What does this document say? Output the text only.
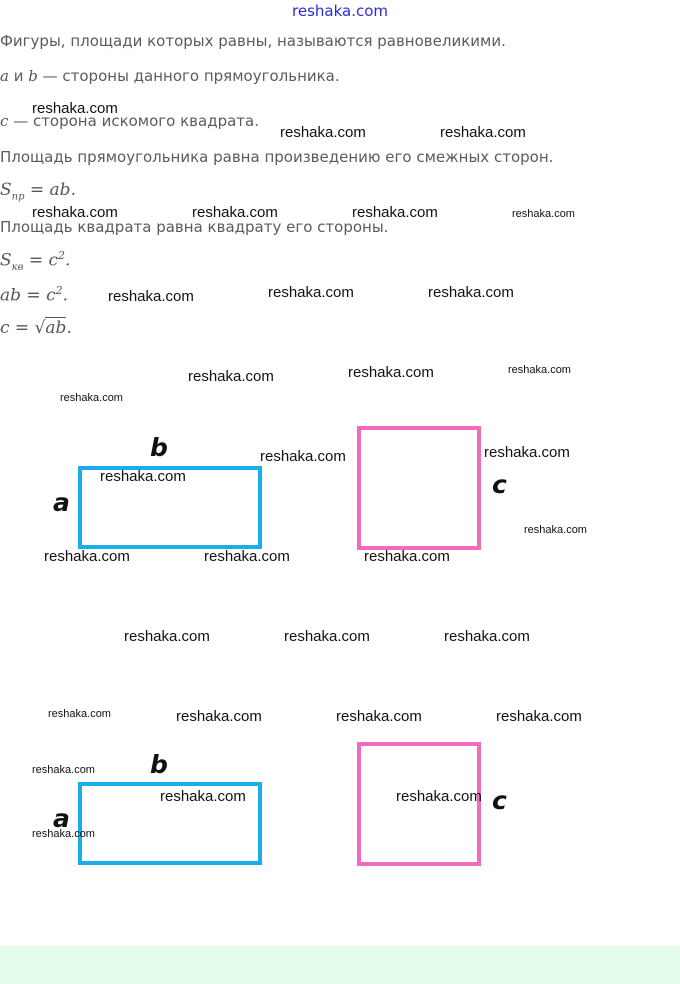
reshaka.com
Фигуры, площади которых равны, называются равновеликими.
a и b — стороны данного прямоугольника.
c — сторона искомого квадрата.
Площадь прямоугольника равна произведению его смежных сторон.
$S_{пр}$ = ab.
Площадь квадрата равна квадрату его стороны.
$S_{кв} = c^2$.
ab = $c^2$.
c = √ab.
b
a
c
b
a
c
reshaka.com
reshaka.com	reshaka.com
reshaka.com	reshaka.com	reshaka.com	reshaka.com
reshaka.com	reshaka.com	reshaka.com
reshaka.com	reshaka.com	reshaka.com
reshaka.com
reshaka.com	reshaka.com
reshaka.com
reshaka.com
reshaka.com	reshaka.com	reshaka.com
reshaka.com	reshaka.com	reshaka.com
reshaka.com	reshaka.com	reshaka.com	reshaka.com
reshaka.com
reshaka.com	reshaka.com
reshaka.com
